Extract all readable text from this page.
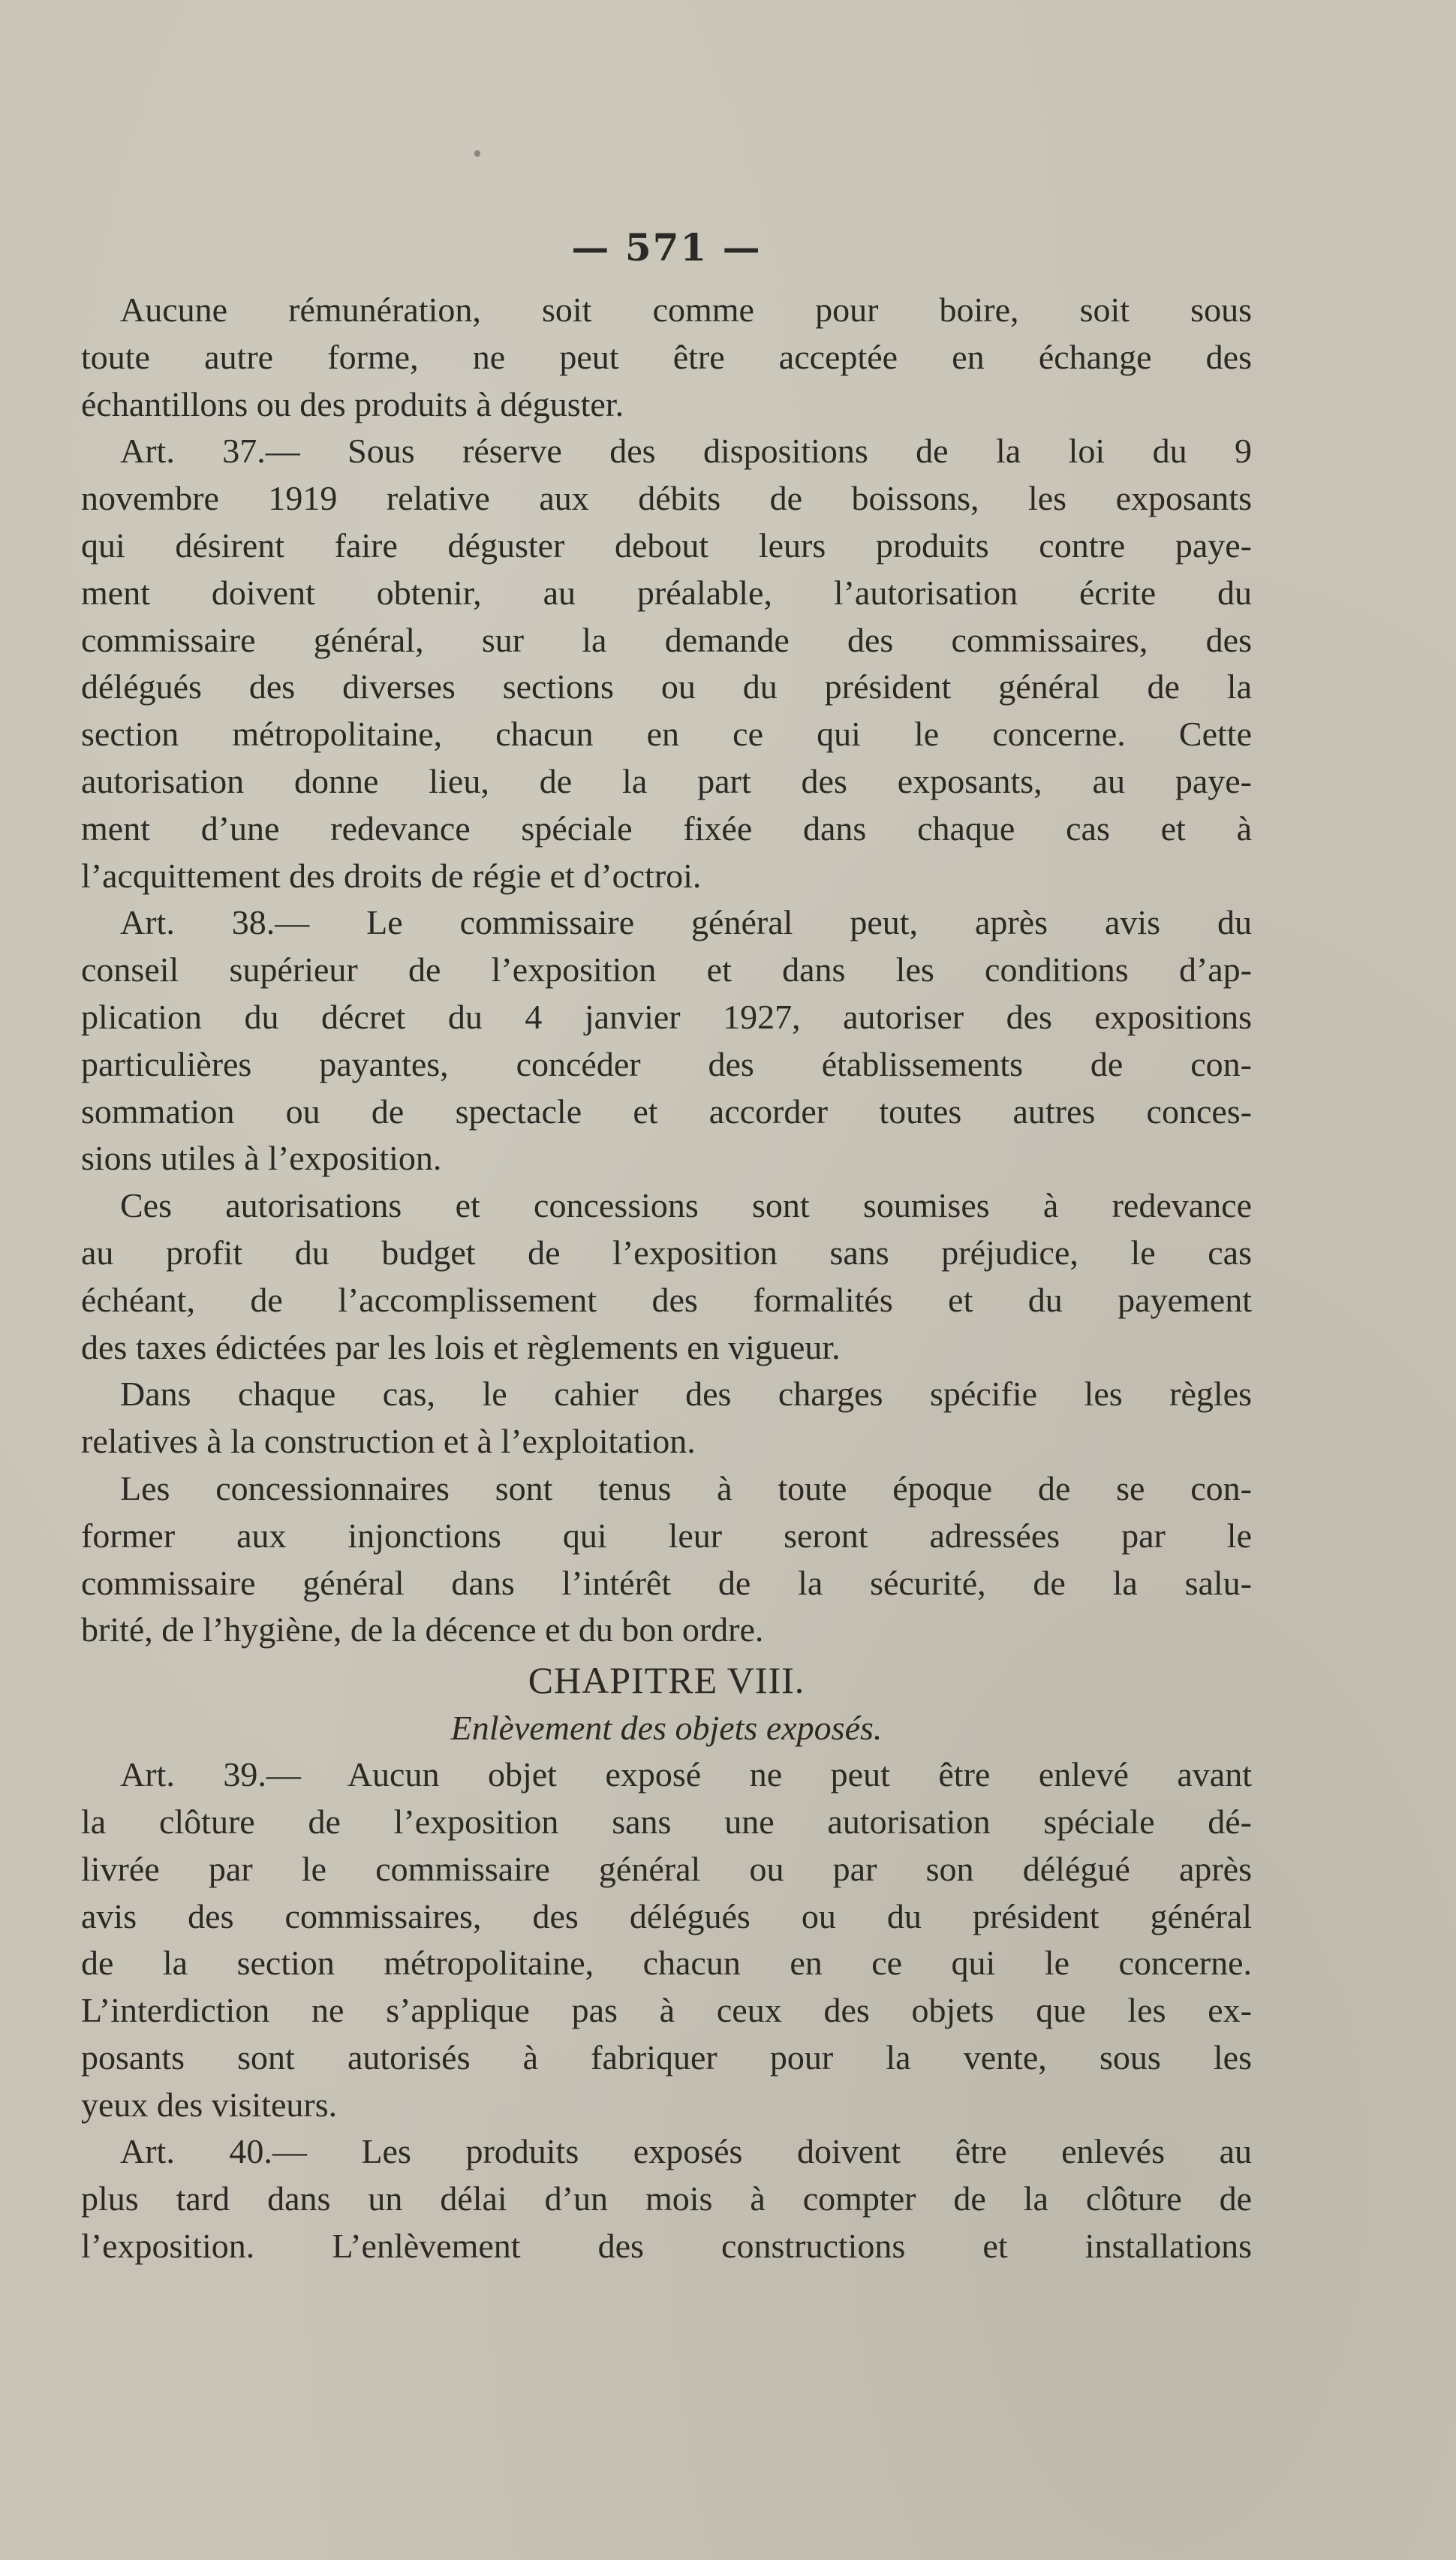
— 571 —
Aucune rémunération, soit comme pour boire, soit sous
toute autre forme, ne peut être acceptée en échange des
échantillons ou des produits à déguster.
Art. 37.— Sous réserve des dispositions de la loi du 9
novembre 1919 relative aux débits de boissons, les exposants
qui désirent faire déguster debout leurs produits contre paye-
ment doivent obtenir, au préalable, l’autorisation écrite du
commissaire général, sur la demande des commissaires, des
délégués des diverses sections ou du président général de la
section métropolitaine, chacun en ce qui le concerne. Cette
autorisation donne lieu, de la part des exposants, au paye-
ment d’une redevance spéciale fixée dans chaque cas et à
l’acquittement des droits de régie et d’octroi.
Art. 38.— Le commissaire général peut, après avis du
conseil supérieur de l’exposition et dans les conditions d’ap-
plication du décret du 4 janvier 1927, autoriser des expositions
particulières payantes, concéder des établissements de con-
sommation ou de spectacle et accorder toutes autres conces-
sions utiles à l’exposition.
Ces autorisations et concessions sont soumises à redevance
au profit du budget de l’exposition sans préjudice, le cas
échéant, de l’accomplissement des formalités et du payement
des taxes édictées par les lois et règlements en vigueur.
Dans chaque cas, le cahier des charges spécifie les règles
relatives à la construction et à l’exploitation.
Les concessionnaires sont tenus à toute époque de se con-
former aux injonctions qui leur seront adressées par le
commissaire général dans l’intérêt de la sécurité, de la salu-
brité, de l’hygiène, de la décence et du bon ordre.
CHAPITRE VIII.
Enlèvement des objets exposés.
Art. 39.— Aucun objet exposé ne peut être enlevé avant
la clôture de l’exposition sans une autorisation spéciale dé-
livrée par le commissaire général ou par son délégué après
avis des commissaires, des délégués ou du président général
de la section métropolitaine, chacun en ce qui le concerne.
L’interdiction ne s’applique pas à ceux des objets que les ex-
posants sont autorisés à fabriquer pour la vente, sous les
yeux des visiteurs.
Art. 40.— Les produits exposés doivent être enlevés au
plus tard dans un délai d’un mois à compter de la clôture de
l’exposition. L’enlèvement des constructions et installations
